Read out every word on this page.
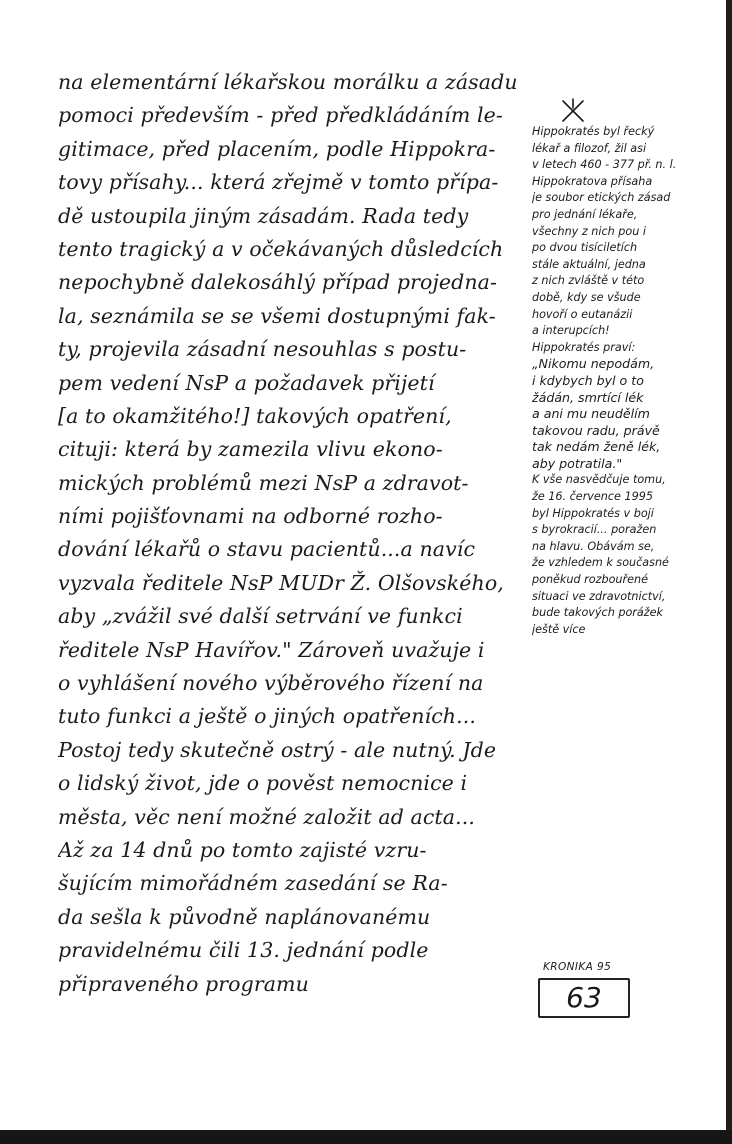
na elementární lékařskou morálku a zásadu
pomoci především - před předkládáním le-
gitimace, před placením, podle Hippokra-
tovy přísahy... která zřejmě v tomto přípa-
dě ustoupila jiným zásadám. Rada tedy
tento tragický a v očekávaných důsledcích
nepochybně dalekosáhlý případ projedna-
la, seznámila se se všemi dostupnými fak-
ty, projevila zásadní nesouhlas s postu-
pem vedení NsP a požadavek přijetí
[a to okamžitého!] takových opatření,
cituji: která by zamezila vlivu ekono-
mických problémů mezi NsP a zdravot-
ními pojišťovnami na odborné rozho-
dování lékařů o stavu pacientů...a navíc
vyzvala ředitele NsP MUDr Ž. Olšovského,
aby „zvážil své další setrvání ve funkci
ředitele NsP Havířov." Zároveň uvažuje i
o vyhlášení nového výběrového řízení na
tuto funkci a ještě o jiných opatřeních...
Postoj tedy skutečně ostrý - ale nutný. Jde
o lidský život, jde o pověst nemocnice i
města, věc není možné založit ad acta...
Až za 14 dnů po tomto zajisté vzru-
šujícím mimořádném zasedání se Ra-
da sešla k původně naplánovanému
pravidelnému čili 13. jednání podle
připraveného programu
Hippokratés byl řecký
lékař a filozof, žil asi
v letech 460 - 377 př. n. l.
Hippokratova přísaha
je soubor etických zásad
pro jednání lékaře,
všechny z nich pou i
po dvou tisíciletích
stále aktuální, jedna
z nich zvláště v této
době, kdy se všude
hovoří o eutanázii
a interupcích!
Hippokratés praví:
„Nikomu nepodám,
i kdybych byl o to
žádán, smrtící lék
a ani mu neudělím
takovou radu, právě
tak nedám ženě lék,
aby potratila."
K vše nasvědčuje tomu,
že 16. července 1995
byl Hippokratés v boji
s byrokracií... poražen
na hlavu. Obávám se,
že vzhledem k současné
poněkud rozbouřené
situaci ve zdravotnictví,
bude takových porážek
ještě více
KRONIKA 95
63
